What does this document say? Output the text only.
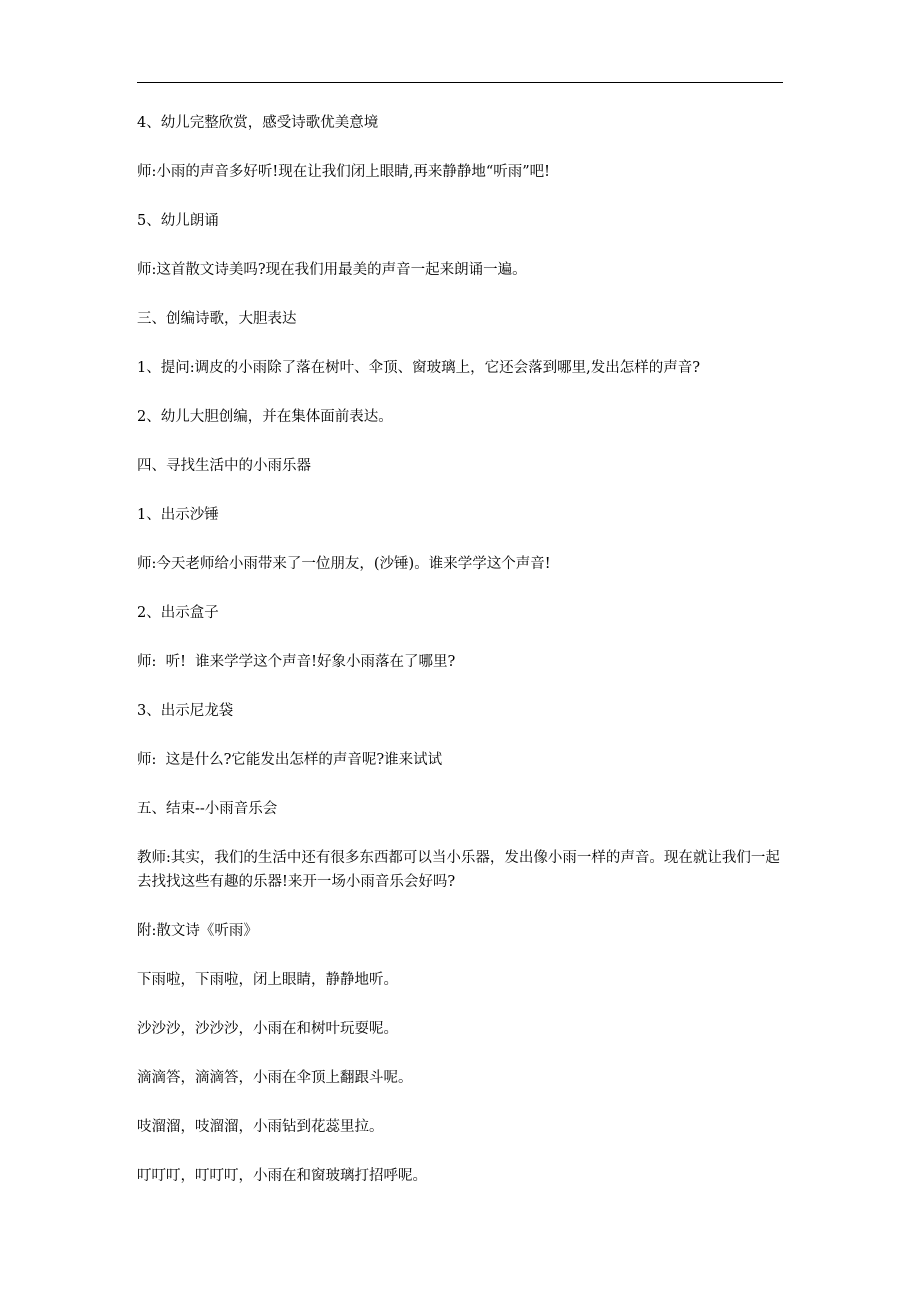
4、幼儿完整欣赏，感受诗歌优美意境

师:小雨的声音多好听!现在让我们闭上眼睛,再来静静地“听雨”吧!

5、幼儿朗诵

师:这首散文诗美吗?现在我们用最美的声音一起来朗诵一遍。

三、创编诗歌，大胆表达

1、提问:调皮的小雨除了落在树叶、伞顶、窗玻璃上，它还会落到哪里,发出怎样的声音?

2、幼儿大胆创编，并在集体面前表达。

四、寻找生活中的小雨乐器

1、出示沙锤

师:今天老师给小雨带来了一位朋友，(沙锤)。谁来学学这个声音!

2、出示盒子

师:  听!  谁来学学这个声音!好象小雨落在了哪里?

3、出示尼龙袋

师:  这是什么?它能发出怎样的声音呢?谁来试试

五、结束--小雨音乐会

教师:其实，我们的生活中还有很多东西都可以当小乐器，发出像小雨一样的声音。现在就让我们一起去找找这些有趣的乐器!来开一场小雨音乐会好吗?

附:散文诗《听雨》

下雨啦，下雨啦，闭上眼睛，静静地听。

沙沙沙，沙沙沙，小雨在和树叶玩耍呢。

滴滴答，滴滴答，小雨在伞顶上翻跟斗呢。

吱溜溜，吱溜溜，小雨钻到花蕊里拉。

叮叮叮，叮叮叮，小雨在和窗玻璃打招呼呢。
